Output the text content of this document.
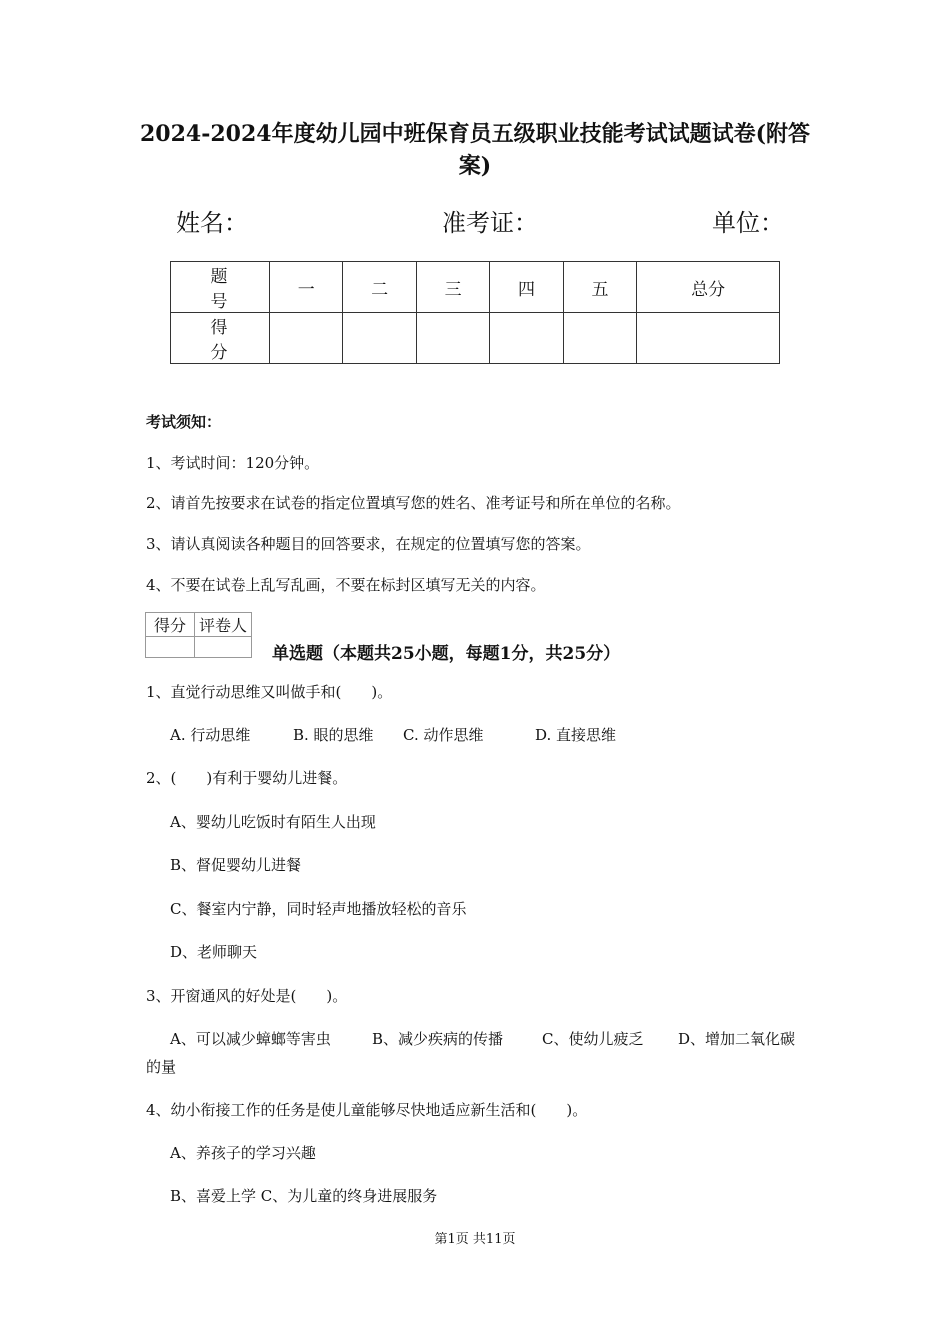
2024-2024年度幼儿园中班保育员五级职业技能考试试题试卷(附答
案)
姓名：	准考证：	单位：
题　号	一	二	三	四	五	总分
得　分						
考试须知：
1、考试时间：120分钟。
2、请首先按要求在试卷的指定位置填写您的姓名、准考证号和所在单位的名称。
3、请认真阅读各种题目的回答要求，在规定的位置填写您的答案。
4、不要在试卷上乱写乱画，不要在标封区填写无关的内容。
得分	评卷人

单选题（本题共25小题，每题1分，共25分）
1、直觉行动思维又叫做手和(　　)。
A. 行动思维	B. 眼的思维 C. 动作思维	D. 直接思维
2、(　　)有利于婴幼儿进餐。
A、婴幼儿吃饭时有陌生人出现
B、督促婴幼儿进餐
C、餐室内宁静，同时轻声地播放轻松的音乐
D、老师聊天
3、开窗通风的好处是(　　)。
A、可以减少蟑螂等害虫	B、减少疾病的传播	C、使幼儿疲乏 D、增加二氧化碳
的量
4、幼小衔接工作的任务是使儿童能够尽快地适应新生活和(　　)。
A、养孩子的学习兴趣
B、喜爱上学 C、为儿童的终身进展服务
第1页 共11页
